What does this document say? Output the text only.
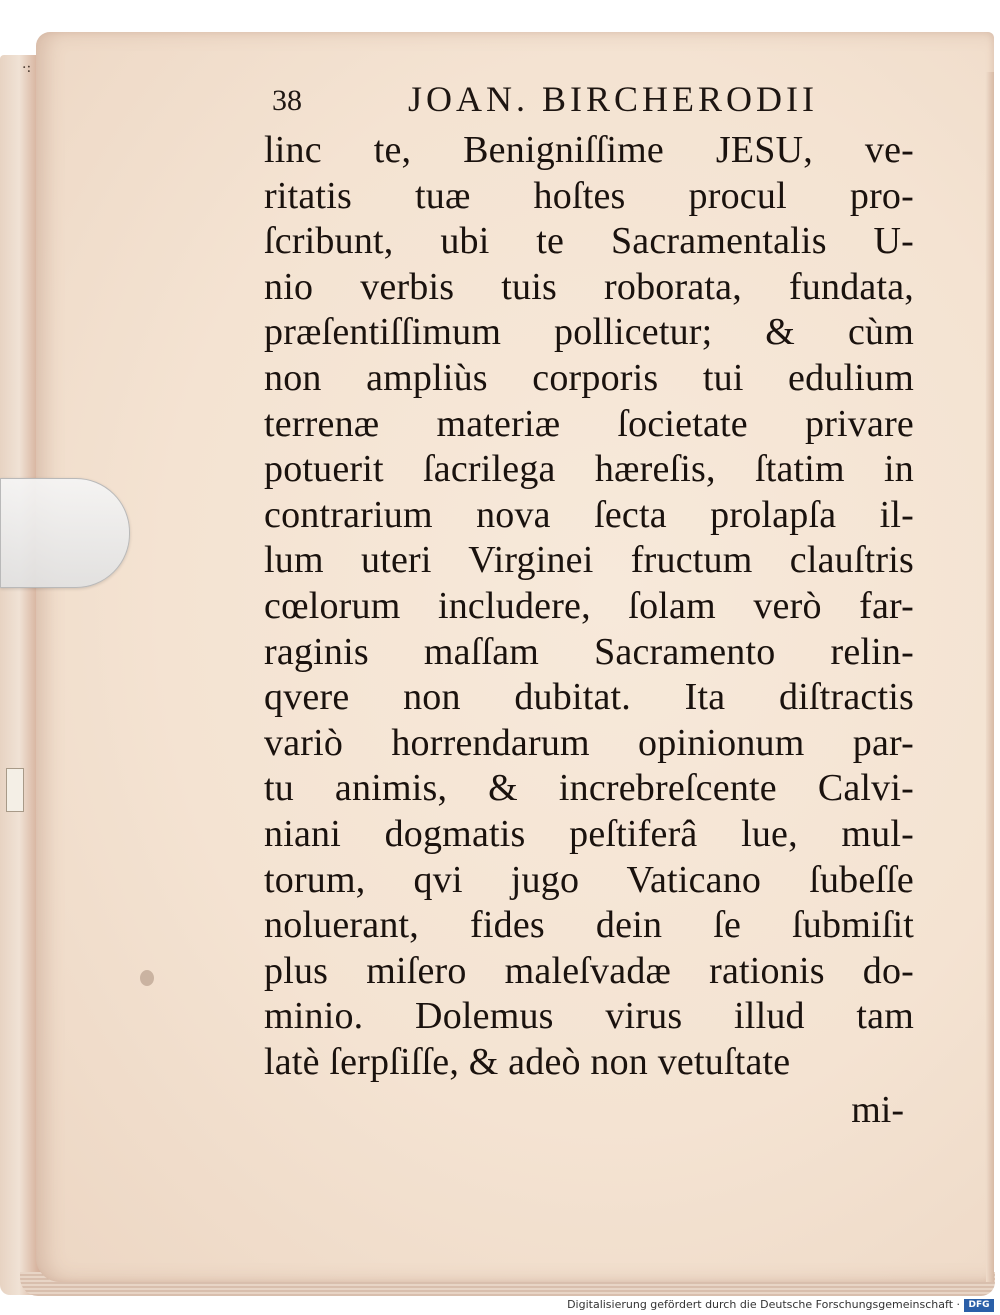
·:
38	JOAN. BIRCHERODII
linc te, Benigniſſime JESU, ve-
ritatis tuæ hoſtes procul pro-
ſcribunt, ubi te Sacramentalis U-
nio verbis tuis roborata, fundata,
præſentiſſimum pollicetur; & cùm
non ampliùs corporis tui edulium
terrenæ materiæ ſocietate privare
potuerit ſacrilega hæreſis, ſtatim in
contrarium nova ſecta prolapſa il-
lum uteri Virginei fructum clauſtris
cœlorum includere, ſolam verò far-
raginis maſſam Sacramento relin-
qvere non dubitat. Ita diſtractis
variò horrendarum opinionum par-
tu animis, & increbreſcente Calvi-
niani dogmatis peſtiferâ lue, mul-
torum, qvi jugo Vaticano ſubeſſe
noluerant, fides dein ſe ſubmiſit
plus miſero maleſvadæ rationis do-
minio. Dolemus virus illud tam
latè ſerpſiſſe, & adeò non vetuſtate
mi-
Digitalisierung gefördert durch die Deutsche Forschungsgemeinschaft · DFG
